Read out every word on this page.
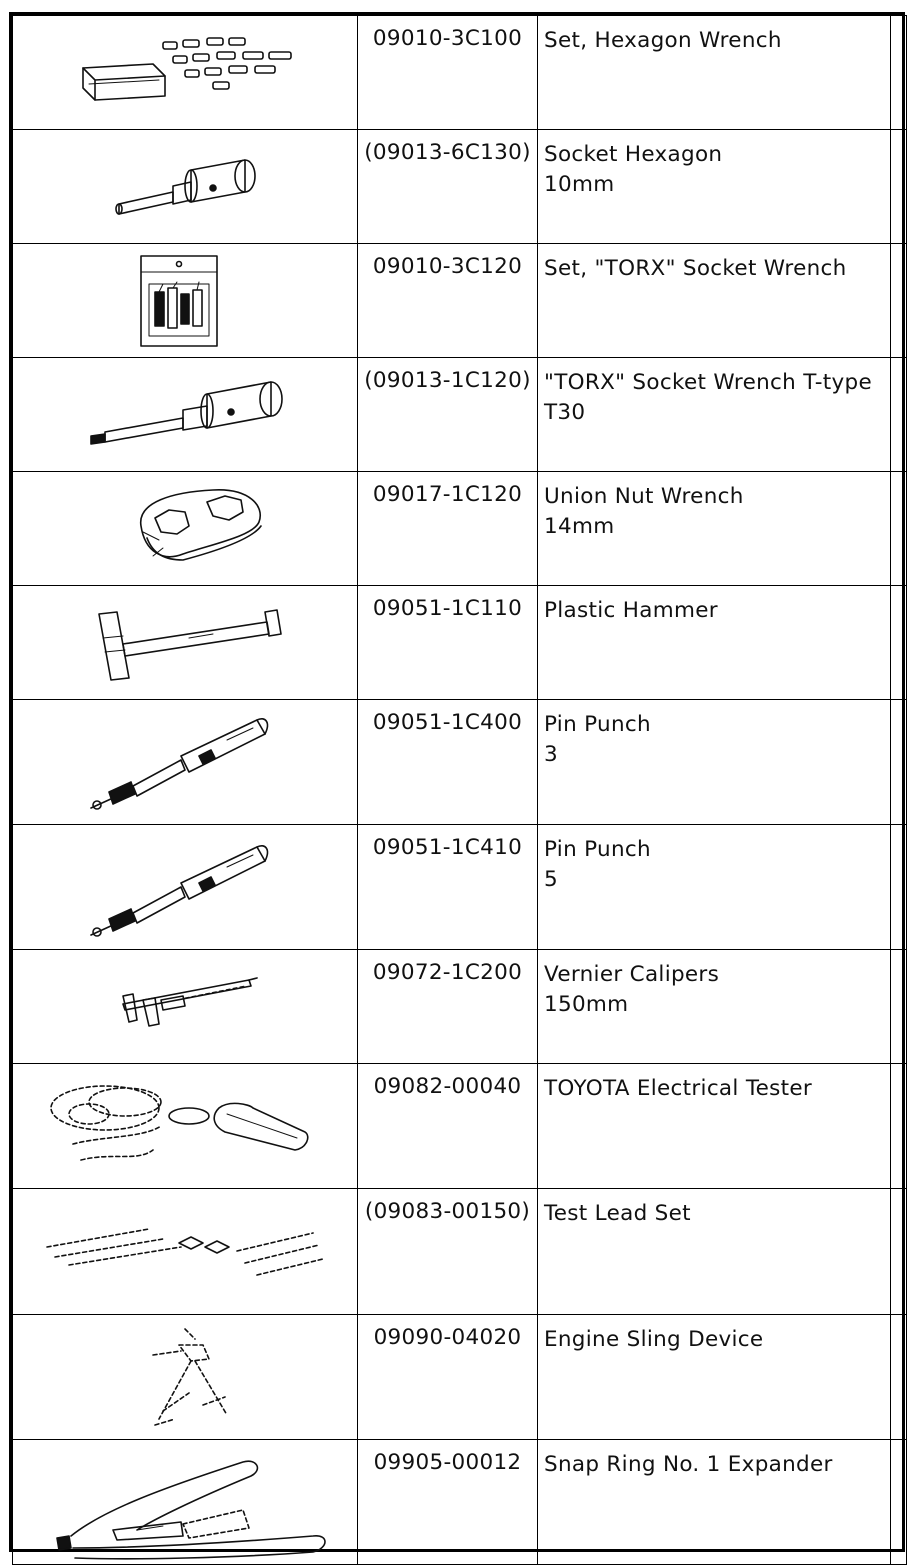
09010-3C100	Set, Hexagon Wrench	

(09013-6C130)	Socket Hexagon
10mm	

09010-3C120	Set, "TORX" Socket Wrench	

(09013-1C120)	"TORX" Socket Wrench T-type
T30	

09017-1C120	Union Nut Wrench
14mm	

09051-1C110	Plastic Hammer	

09051-1C400	Pin Punch
3	

09051-1C410	Pin Punch
5	

09072-1C200	Vernier Calipers
150mm	

09082-00040	TOYOTA Electrical Tester	

(09083-00150)	Test Lead Set	

09090-04020	Engine Sling Device	

09905-00012	Snap Ring No. 1 Expander	
